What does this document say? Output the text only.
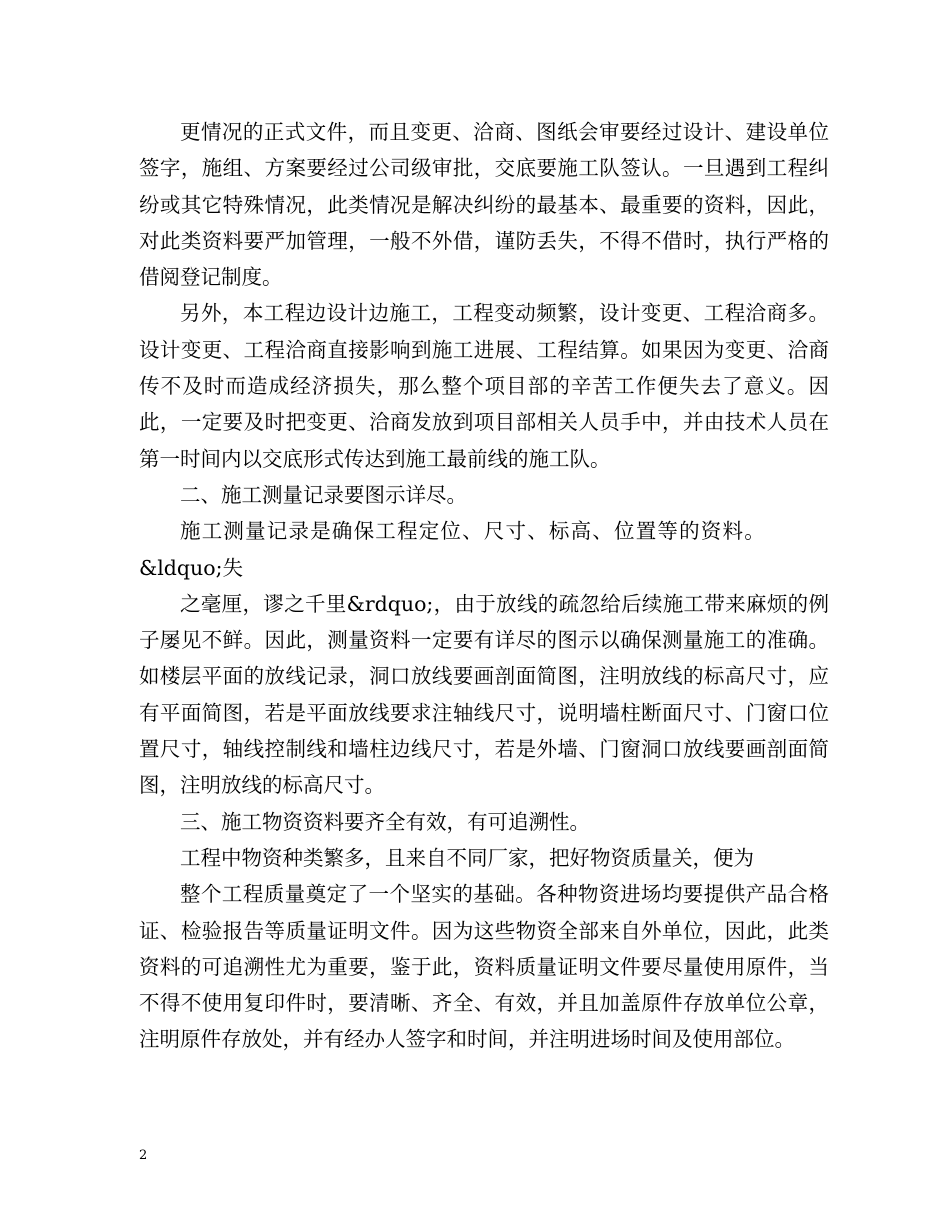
更情况的正式文件，而且变更、洽商、图纸会审要经过设计、建设单位签字，施组、方案要经过公司级审批，交底要施工队签认。一旦遇到工程纠纷或其它特殊情况，此类情况是解决纠纷的最基本、最重要的资料，因此，对此类资料要严加管理，一般不外借，谨防丢失，不得不借时，执行严格的借阅登记制度。

另外，本工程边设计边施工，工程变动频繁，设计变更、工程洽商多。设计变更、工程洽商直接影响到施工进展、工程结算。如果因为变更、洽商传不及时而造成经济损失，那么整个项目部的辛苦工作便失去了意义。因此，一定要及时把变更、洽商发放到项目部相关人员手中，并由技术人员在第一时间内以交底形式传达到施工最前线的施工队。

二、施工测量记录要图示详尽。

施工测量记录是确保工程定位、尺寸、标高、位置等的资料。

&ldquo;失

之毫厘，谬之千里&rdquo;，由于放线的疏忽给后续施工带来麻烦的例子屡见不鲜。因此，测量资料一定要有详尽的图示以确保测量施工的准确。如楼层平面的放线记录，洞口放线要画剖面简图，注明放线的标高尺寸，应有平面简图，若是平面放线要求注轴线尺寸，说明墙柱断面尺寸、门窗口位置尺寸，轴线控制线和墙柱边线尺寸，若是外墙、门窗洞口放线要画剖面简图，注明放线的标高尺寸。

三、施工物资资料要齐全有效，有可追溯性。

工程中物资种类繁多，且来自不同厂家，把好物资质量关，便为

整个工程质量奠定了一个坚实的基础。各种物资进场均要提供产品合格证、检验报告等质量证明文件。因为这些物资全部来自外单位，因此，此类资料的可追溯性尤为重要，鉴于此，资料质量证明文件要尽量使用原件，当不得不使用复印件时，要清晰、齐全、有效，并且加盖原件存放单位公章，注明原件存放处，并有经办人签字和时间，并注明进场时间及使用部位。

2
